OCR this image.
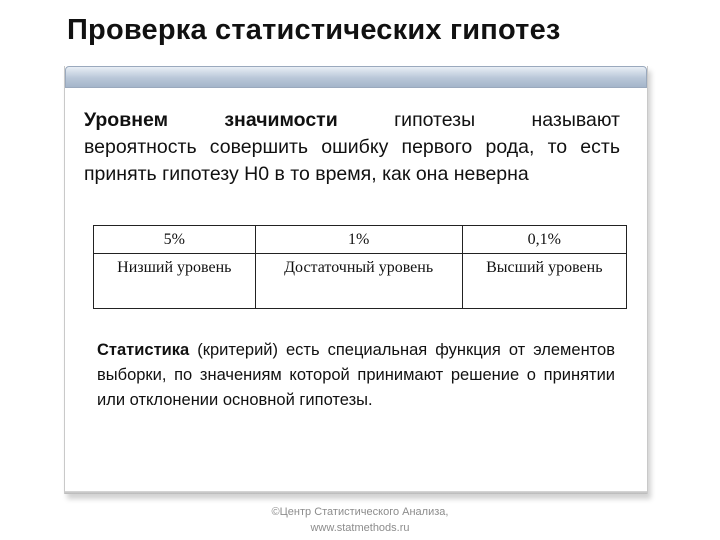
Проверка статистических гипотез
Уровнем	значимости	гипотезы	называют
вероятность совершить ошибку первого рода, то есть принять гипотезу H0 в то время, как она неверна
5%	1%	0,1%
Низший уровень	Достаточный уровень	Высший уровень
Статистика (критерий) есть специальная функция от элементов выборки, по значениям которой принимают решение о принятии или отклонении основной гипотезы.
©Центр Статистического Анализа,
www.statmethods.ru
